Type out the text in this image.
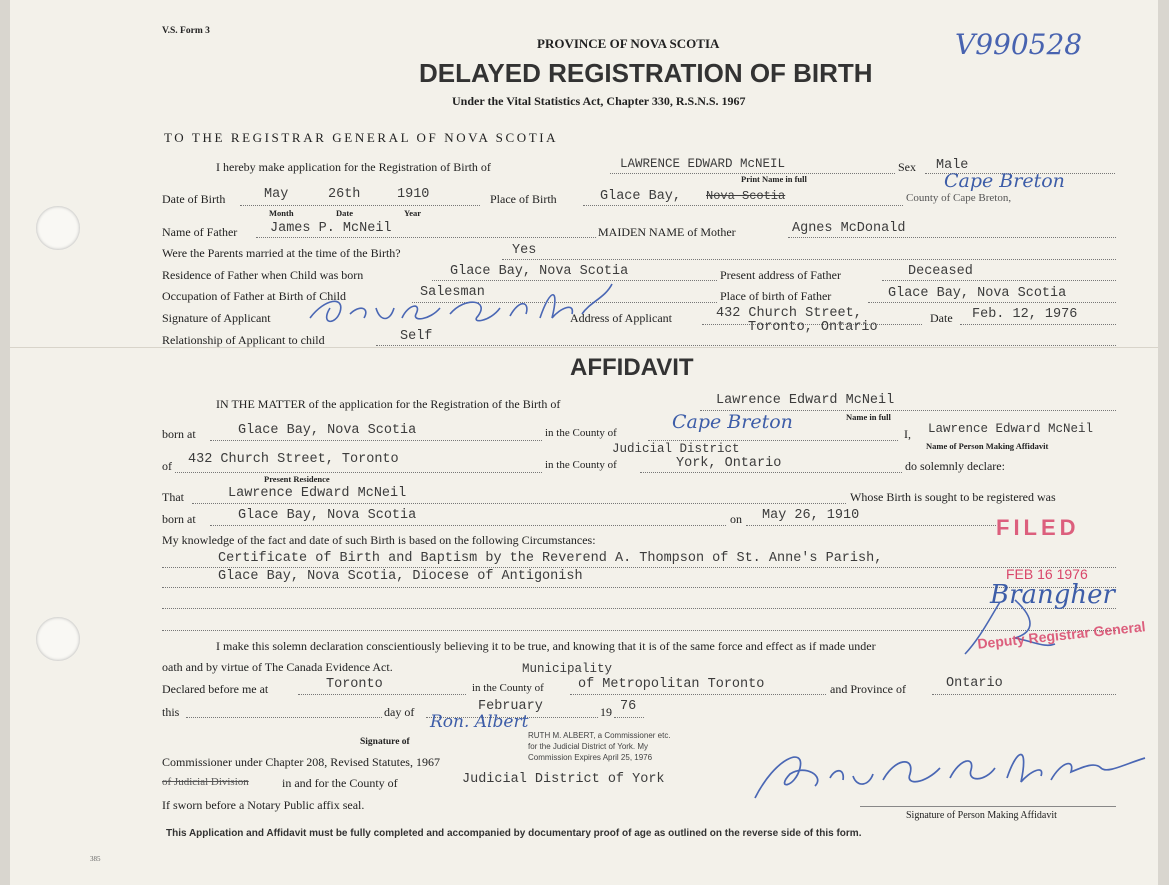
V.S. Form 3	V990528
PROVINCE OF NOVA SCOTIA
DELAYED REGISTRATION OF BIRTH
Under the Vital Statistics Act, Chapter 330, R.S.N.S. 1967
TO THE REGISTRAR GENERAL OF NOVA SCOTIA
I hereby make application for the Registration of Birth of	LAWRENCE EDWARD McNEIL
Print Name in full
Sex Male
Date of Birth	May	26th	1910
Month	Date	Year
Place of Birth	Glace Bay, Nova Scotia	County of Cape Breton,
Cape Breton
Name of Father James P. McNeil	MAIDEN NAME of Mother	Agnes McDonald
Were the Parents married at the time of the Birth?	Yes
Residence of Father when Child was born	Glace Bay, Nova Scotia	Present address of Father	Deceased
Occupation of Father at Birth of Child	Salesman	Place of birth of Father	Glace Bay, Nova Scotia
Signature of Applicant	Address of Applicant	432 Church Street,
Toronto, Ontario
Date Feb. 12, 1976
Relationship of Applicant to child	Self
AFFIDAVIT
IN THE MATTER of the application for the Registration of the Birth of	Lawrence Edward McNeil
Name in full
born at	Glace Bay, Nova Scotia	in the County of	Cape Breton
I, Lawrence Edward McNeil
Name of Person Making Affidavit
Judicial District
of 432 Church Street, Toronto
Present Residence
in the County of	York, Ontario	do solemnly declare:
That	Lawrence Edward McNeil	Whose Birth is sought to be registered was
born at	Glace Bay, Nova Scotia	on May 26, 1910	FILED
My knowledge of the fact and date of such Birth is based on the following Circumstances:
Certificate of Birth and Baptism by the Reverend A. Thompson of St. Anne's Parish,
Glace Bay, Nova Scotia, Diocese of Antigonish	FEB 16 1976
Brangher
Deputy Registrar General
I make this solemn declaration conscientiously believing it to be true, and knowing that it is of the same force and effect as if made under
oath and by virtue of The Canada Evidence Act.
Declared before me at	Toronto
Municipality
in the County of	of Metropolitan Toronto	and Province of	Ontario
this	day of	February	19 76
Ron. Albert
Signature of
RUTH M. ALBERT, a Commissioner etc.
for the Judicial District of York. My
Commission Expires April 25, 1976
Commissioner under Chapter 208, Revised Statutes, 1967
of Judicial Division	in and for the County of	Judicial District of York
If sworn before a Notary Public affix seal.
Signature of Person Making Affidavit
This Application and Affidavit must be fully completed and accompanied by documentary proof of age as outlined on the reverse side of this form.
385
